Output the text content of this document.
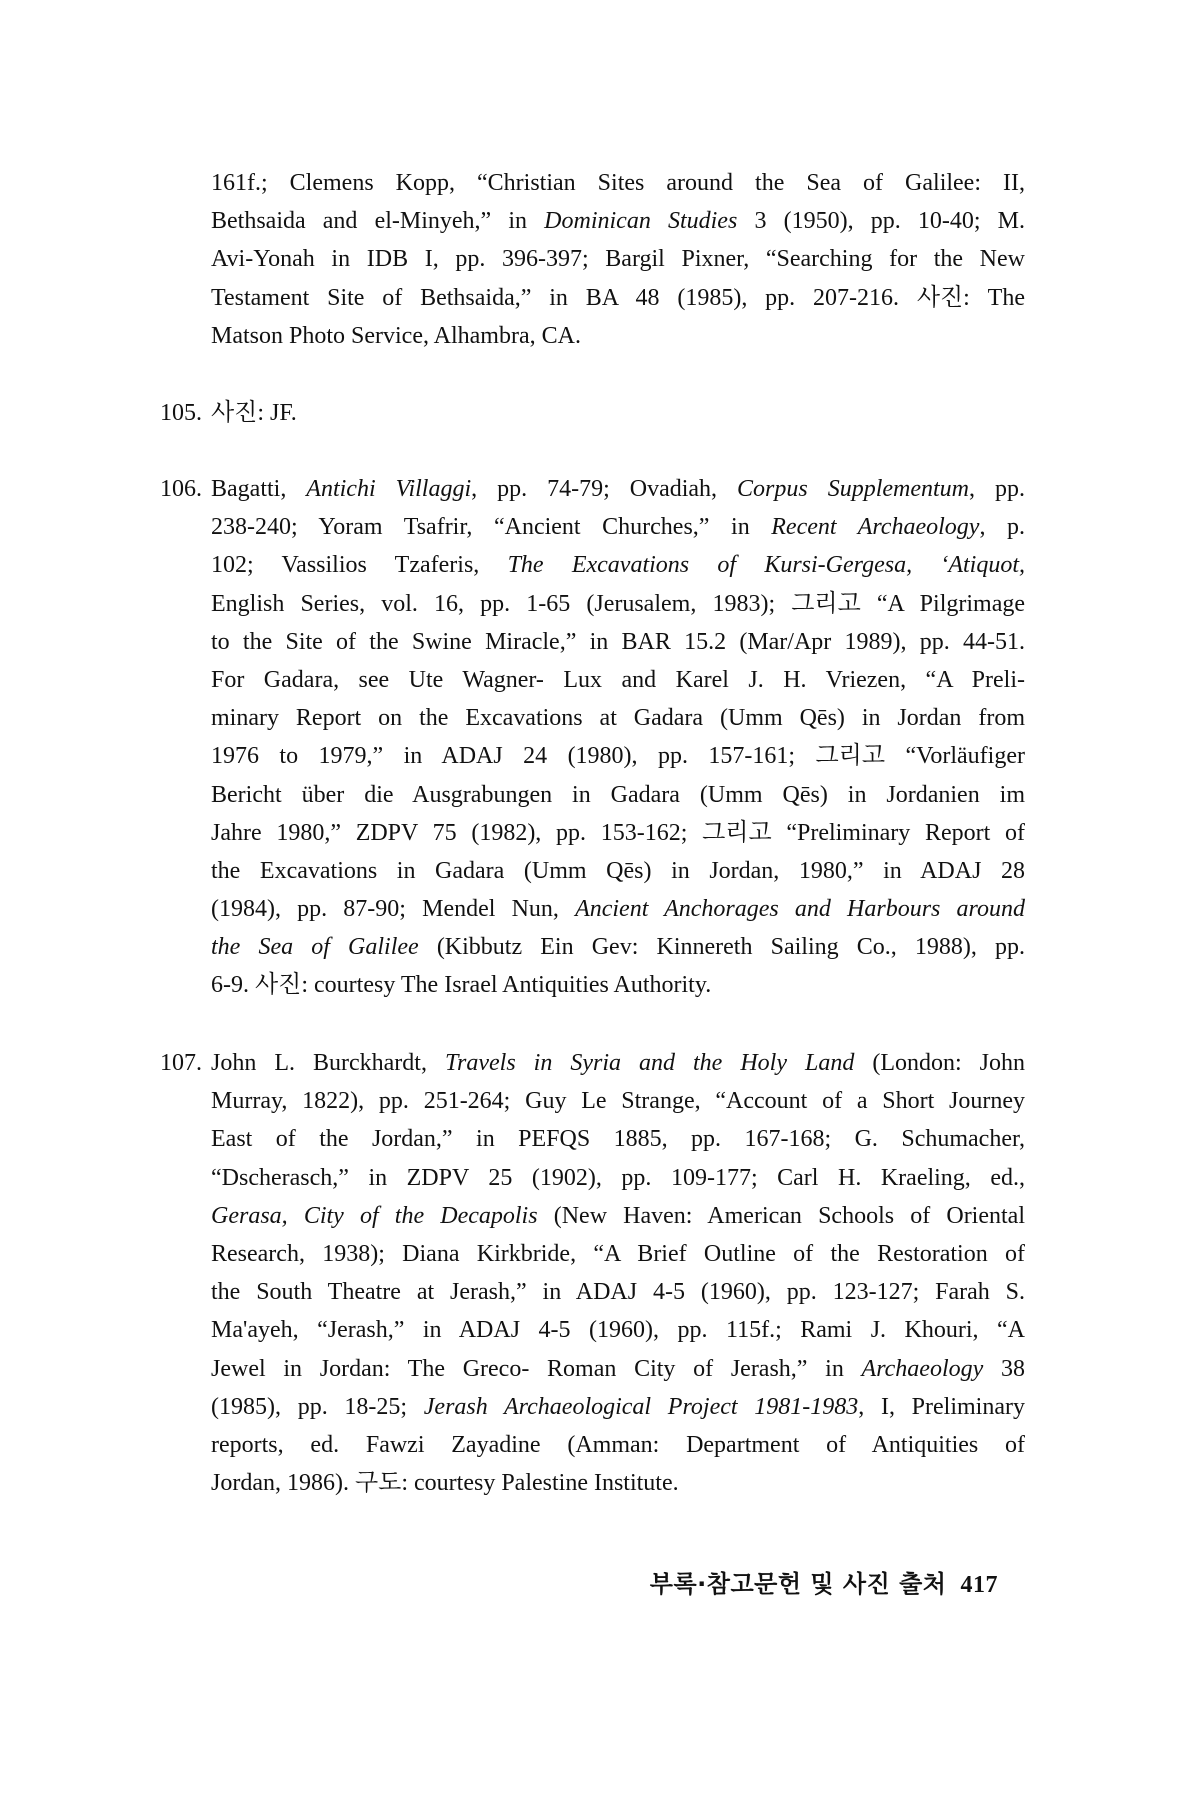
161f.; Clemens Kopp, “Christian Sites around the Sea of Galilee: II,
Bethsaida and el-Minyeh,” in Dominican Studies 3 (1950), pp. 10-40; M.
Avi-Yonah in IDB I, pp. 396-397; Bargil Pixner, “Searching for the New
Testament Site of Bethsaida,” in BA 48 (1985), pp. 207-216. 사진: The
Matson Photo Service, Alhambra, CA.
105. 사진: JF.
106. Bagatti, Antichi Villaggi, pp. 74-79; Ovadiah, Corpus Supplementum, pp.
238-240; Yoram Tsafrir, “Ancient Churches,” in Recent Archaeology, p.
102; Vassilios Tzaferis, The Excavations of Kursi-Gergesa, ‘Atiquot,
English Series, vol. 16, pp. 1-65 (Jerusalem, 1983); 그리고 “A Pilgrimage
to the Site of the Swine Miracle,” in BAR 15.2 (Mar/Apr 1989), pp. 44-51.
For Gadara, see Ute Wagner- Lux and Karel J. H. Vriezen, “A Preli-
minary Report on the Excavations at Gadara (Umm Qēs) in Jordan from
1976 to 1979,” in ADAJ 24 (1980), pp. 157-161; 그리고 “Vorläufiger
Bericht über die Ausgrabungen in Gadara (Umm Qēs) in Jordanien im
Jahre 1980,” ZDPV 75 (1982), pp. 153-162; 그리고 “Preliminary Report of
the Excavations in Gadara (Umm Qēs) in Jordan, 1980,” in ADAJ 28
(1984), pp. 87-90; Mendel Nun, Ancient Anchorages and Harbours around
the Sea of Galilee (Kibbutz Ein Gev: Kinnereth Sailing Co., 1988), pp.
6-9. 사진: courtesy The Israel Antiquities Authority.
107. John L. Burckhardt, Travels in Syria and the Holy Land (London: John
Murray, 1822), pp. 251-264; Guy Le Strange, “Account of a Short Journey
East of the Jordan,” in PEFQS 1885, pp. 167-168; G. Schumacher,
“Dscherasch,” in ZDPV 25 (1902), pp. 109-177; Carl H. Kraeling, ed.,
Gerasa, City of the Decapolis (New Haven: American Schools of Oriental
Research, 1938); Diana Kirkbride, “A Brief Outline of the Restoration of
the South Theatre at Jerash,” in ADAJ 4-5 (1960), pp. 123-127; Farah S.
Ma'ayeh, “Jerash,” in ADAJ 4-5 (1960), pp. 115f.; Rami J. Khouri, “A
Jewel in Jordan: The Greco- Roman City of Jerash,” in Archaeology 38
(1985), pp. 18-25; Jerash Archaeological Project 1981-1983, I, Preliminary
reports, ed. Fawzi Zayadine (Amman: Department of Antiquities of
Jordan, 1986). 구도: courtesy Palestine Institute.
부록·참고문헌 및 사진 출처 417
